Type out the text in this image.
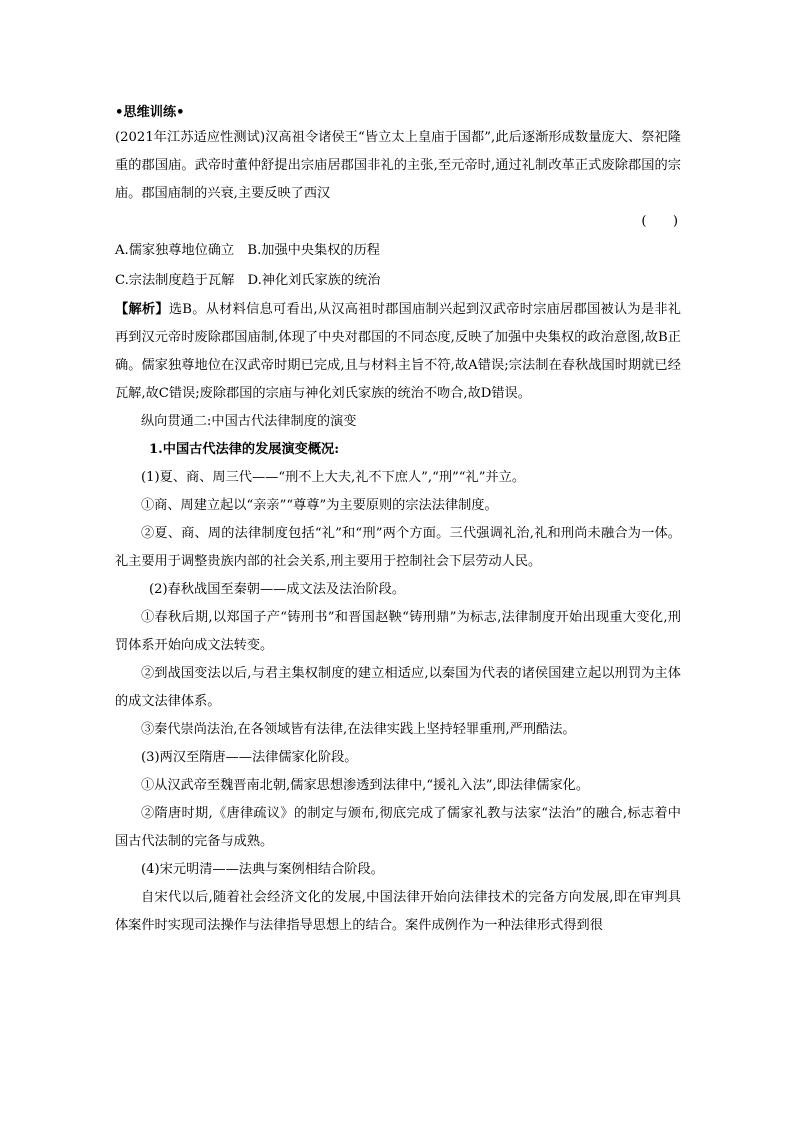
•思维训练•

(2021年江苏适应性测试)汉高祖令诸侯王“皆立太上皇庙于国都”,此后逐渐形成数量庞大、祭祀隆重的郡国庙。武帝时董仲舒提出宗庙居郡国非礼的主张,至元帝时,通过礼制改革正式废除郡国的宗庙。郡国庙制的兴衰,主要反映了西汉

(　　)

A.儒家独尊地位确立　B.加强中央集权的历程

C.宗法制度趋于瓦解　D.神化刘氏家族的统治

【解析】选B。从材料信息可看出,从汉高祖时郡国庙制兴起到汉武帝时宗庙居郡国被认为是非礼再到汉元帝时废除郡国庙制,体现了中央对郡国的不同态度,反映了加强中央集权的政治意图,故B正确。儒家独尊地位在汉武帝时期已完成,且与材料主旨不符,故A错误;宗法制在春秋战国时期就已经瓦解,故C错误;废除郡国的宗庙与神化刘氏家族的统治不吻合,故D错误。

纵向贯通二:中国古代法律制度的演变

1.中国古代法律的发展演变概况:

(1)夏、商、周三代——“刑不上大夫,礼不下庶人”,“刑”“礼”并立。

①商、周建立起以“亲亲”“尊尊”为主要原则的宗法法律制度。

②夏、商、周的法律制度包括“礼”和“刑”两个方面。三代强调礼治,礼和刑尚未融合为一体。礼主要用于调整贵族内部的社会关系,刑主要用于控制社会下层劳动人民。

(2)春秋战国至秦朝——成文法及法治阶段。

①春秋后期,以郑国子产“铸刑书”和晋国赵鞅“铸刑鼎”为标志,法律制度开始出现重大变化,刑罚体系开始向成文法转变。

②到战国变法以后,与君主集权制度的建立相适应,以秦国为代表的诸侯国建立起以刑罚为主体的成文法律体系。

③秦代崇尚法治,在各领域皆有法律,在法律实践上坚持轻罪重刑,严刑酷法。

(3)两汉至隋唐——法律儒家化阶段。

①从汉武帝至魏晋南北朝,儒家思想渗透到法律中,“援礼入法”,即法律儒家化。

②隋唐时期,《唐律疏议》的制定与颁布,彻底完成了儒家礼教与法家“法治”的融合,标志着中国古代法制的完备与成熟。

(4)宋元明清——法典与案例相结合阶段。

自宋代以后,随着社会经济文化的发展,中国法律开始向法律技术的完备方向发展,即在审判具体案件时实现司法操作与法律指导思想上的结合。案件成例作为一种法律形式得到很
